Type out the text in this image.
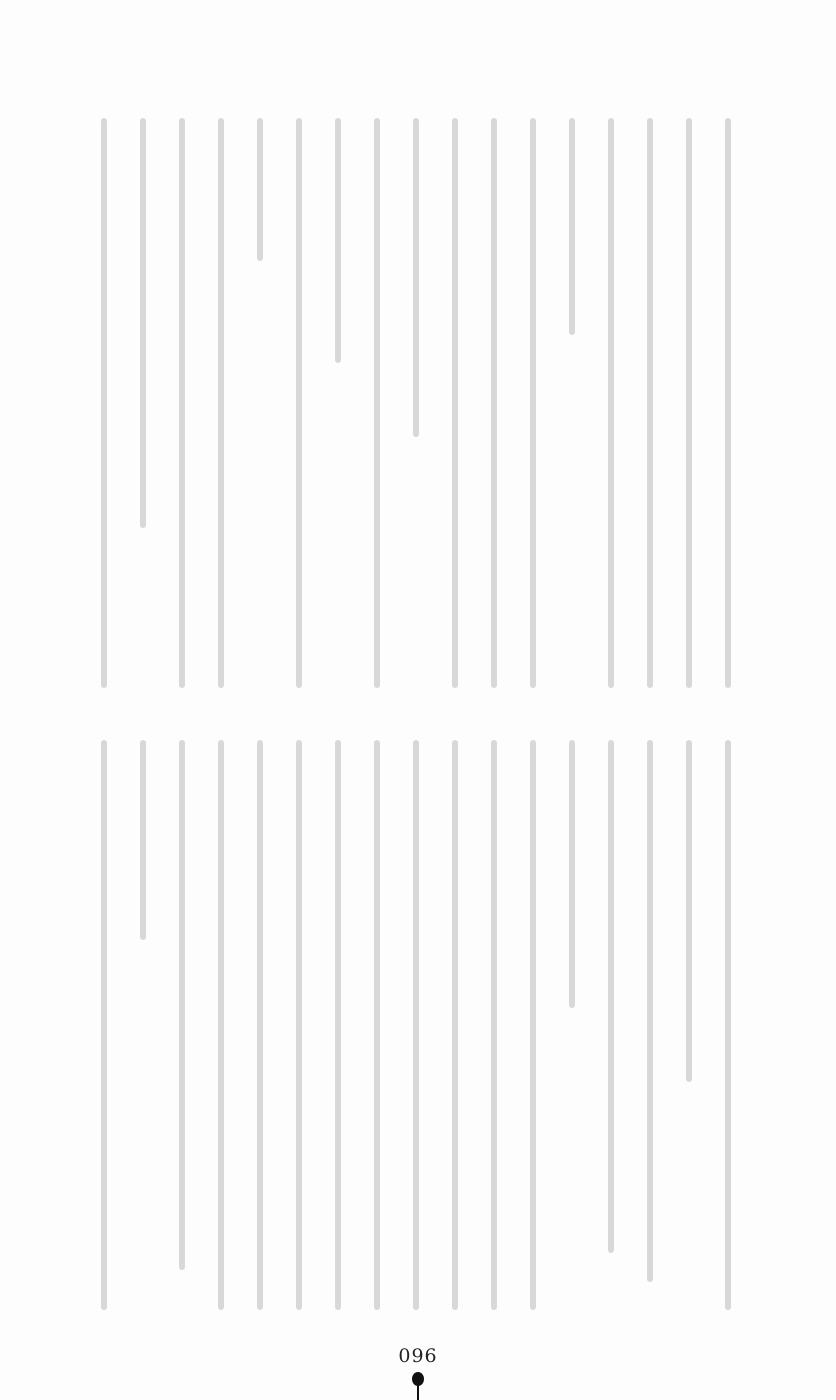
096
